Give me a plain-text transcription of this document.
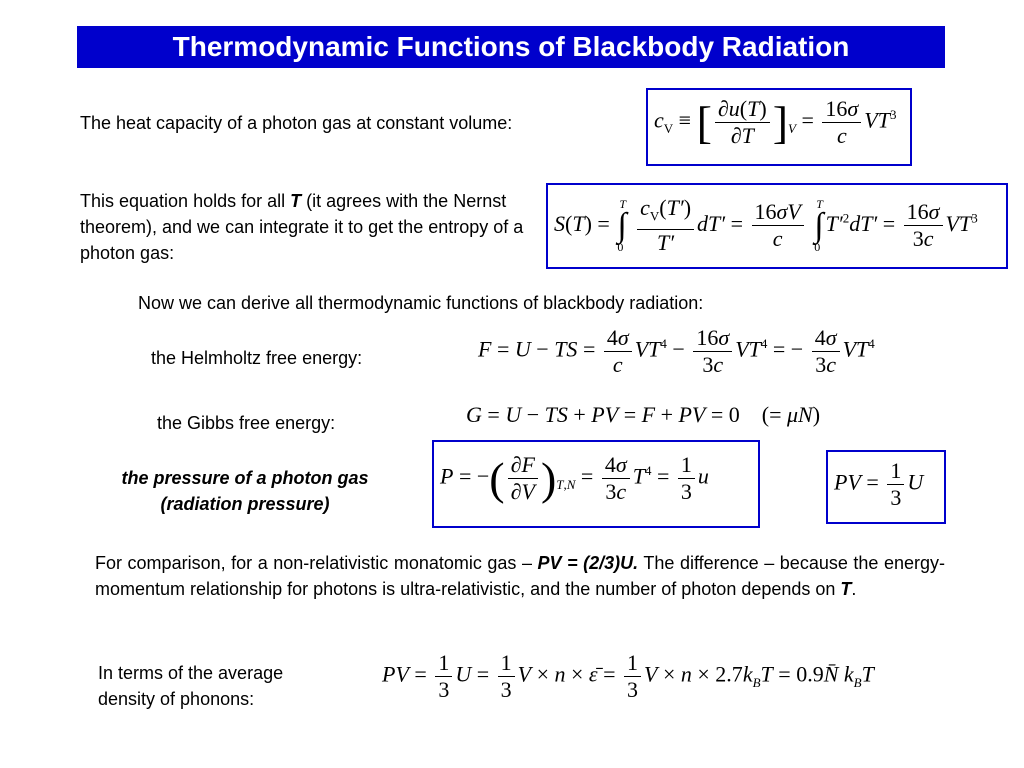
Thermodynamic Functions of Blackbody Radiation
The heat capacity of a photon gas at constant volume:	$c_V$ ≡ [ $\frac{\partial u(T)}{\partial T} ]_V = \frac{16\sigma}{c} VT^3$
This equation holds for all T (it agrees with the Nernst theorem), and we can integrate it to get the entropy of a photon gas:
S(T) = ∫
T
0
$\frac{c_V(T')}{T'} dT' = \frac{16\sigma V}{c}$ ∫
T
0
$T'^2dT' = \frac{16\sigma}{3c} VT^3$
Now we can derive all thermodynamic functions of blackbody radiation:
the Helmholtz free energy:	F = U − TS = $\frac{4\sigma}{c} VT^4 - \frac{16\sigma}{3c} VT^4$ = − $\frac{4\sigma}{3c} VT^4$
the Gibbs free energy:	G = U − TS + PV = F + PV = 0    (= μN)
the pressure of a photon gas
(radiation pressure)
P = −( $\frac{\partial F}{\partial V} )_{T,N} = \frac{4\sigma}{3c} T^4 = \frac{1}{3}$ u	PV = $\frac{1}{3}$ U
For comparison, for a non-relativistic monatomic gas – PV = (2/3)U. The difference – because the energy-momentum relationship for photons is ultra-relativistic, and the number of photon depends on T.
In terms of the average
density of phonons:
PV = $\frac{1}{3}$ $U = \frac{1}{3}$ V × n × ε̄ = $\frac{1}{3}$ $V \times n \times 2.7k_BT$ = 0.9N̄ $k_BT$
